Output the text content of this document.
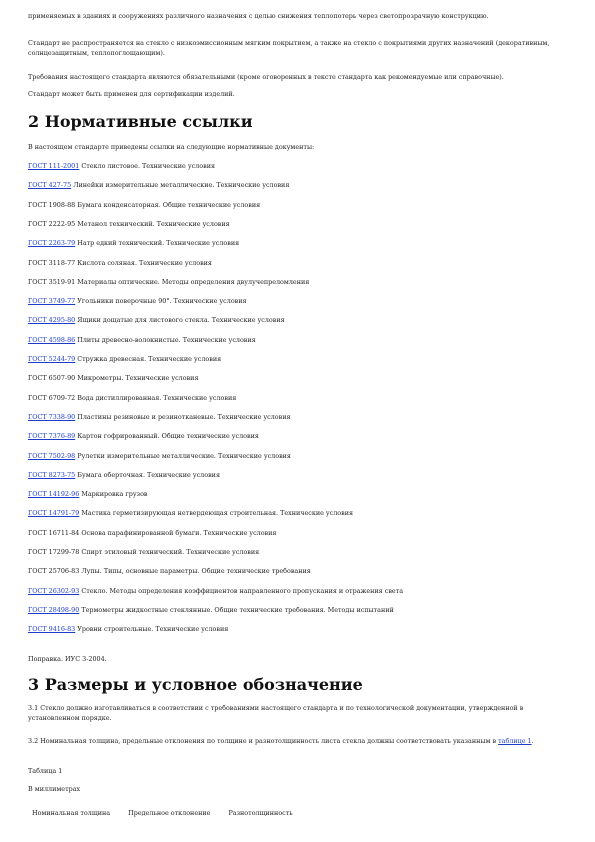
применяемых в зданиях и сооружениях различного назначения с целью снижения теплопотерь через светопрозрачную конструкцию.
Стандарт не распространяется на стекло с низкоэмиссионным мягким покрытием, а также на стекло с покрытиями других назначений (декоративным, солнцезащитным, теплопоглощающим).
Требования настоящего стандарта являются обязательными (кроме оговоренных в тексте стандарта как рекомендуемые или справочные).
Стандарт может быть применен для сертификации изделий.
2 Нормативные ссылки
В настоящем стандарте приведены ссылки на следующие нормативные документы:
ГОСТ 111-2001 Стекло листовое. Технические условия
ГОСТ 427-75 Линейки измерительные металлические. Технические условия
ГОСТ 1908-88 Бумага конденсаторная. Общие технические условия
ГОСТ 2222-95 Метанол технический. Технические условия
ГОСТ 2263-79 Натр едкий технический. Технические условия
ГОСТ 3118-77 Кислота соляная. Технические условия
ГОСТ 3519-91 Материалы оптические. Методы определения двулучепреломления
ГОСТ 3749-77 Угольники поверочные 90°. Технические условия
ГОСТ 4295-80 Ящики дощатые для листового стекла. Технические условия
ГОСТ 4598-86 Плиты древесно-волокнистые. Технические условия
ГОСТ 5244-79 Стружка древесная. Технические условия
ГОСТ 6507-90 Микрометры. Технические условия
ГОСТ 6709-72 Вода дистиллированная. Технические условия
ГОСТ 7338-90 Пластины резиновые и резинотканевые. Технические условия
ГОСТ 7376-89 Картон гофрированный. Общие технические условия
ГОСТ 7502-98 Рулетки измерительные металлические. Технические условия
ГОСТ 8273-75 Бумага оберточная. Технические условия
ГОСТ 14192-96 Маркировка грузов
ГОСТ 14791-79 Мастика герметизирующая нетвердеющая строительная. Технические условия
ГОСТ 16711-84 Основа парафинированной бумаги. Технические условия
ГОСТ 17299-78 Спирт этиловый технический. Технические условия
ГОСТ 25706-83 Лупы. Типы, основные параметры. Общие технические требования
ГОСТ 26302-93 Стекло. Методы определения коэффициентов направленного пропускания и отражения света
ГОСТ 28498-90 Термометры жидкостные стеклянные. Общие технические требования. Методы испытаний
ГОСТ 9416-83 Уровни строительные. Технические условия
Поправка. ИУС 3-2004.
3 Размеры и условное обозначение
3.1 Стекло должно изготавливаться в соответствии с требованиями настоящего стандарта и по технологической документации, утвержденной в установленном порядке.
3.2 Номинальная толщина, предельные отклонения по толщине и разнотолщинность листа стекла должны соответствовать указанным в таблице 1.
Таблица 1
В миллиметрах
Номинальная толщина	Предельное отклонение	Разнотолщинность
